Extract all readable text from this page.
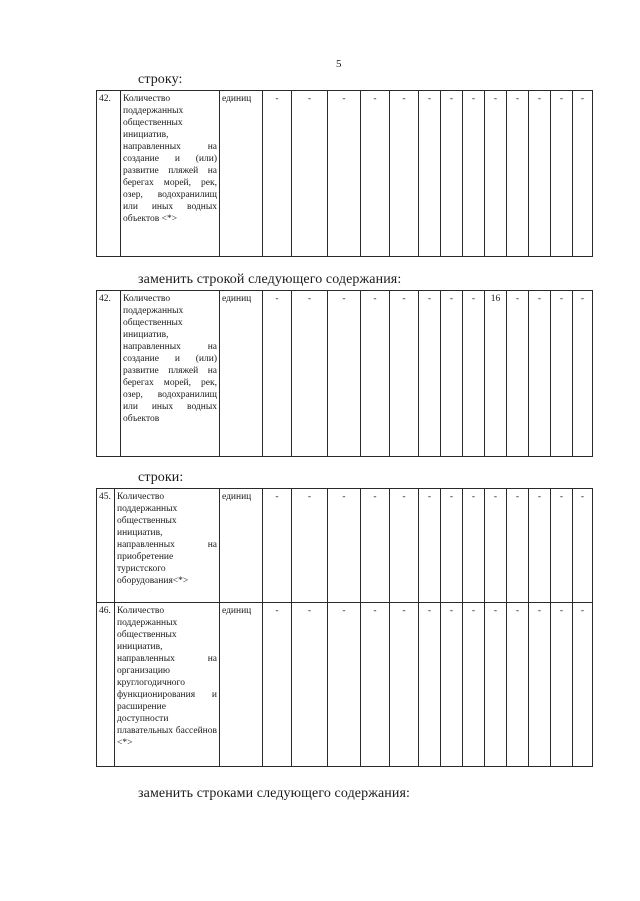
5
строку:
42.	Количество поддержанных общественных инициатив, направленных на создание и (или) развитие пляжей на берегах морей, рек, озер, водохранилищ или иных водных объектов <*>	единиц	-	-	-	-	-	-	-	-	-	-	-	-	-	
заменить строкой следующего содержания:
42.	Количество поддержанных общественных инициатив, направленных на создание и (или) развитие пляжей на берегах морей, рек, озер, водохранилищ или иных водных объектов	единиц	-	-	-	-	-	-	-	-	16	-	-	-	-	
строки:
45.	Количество поддержанных общественных инициатив, направленных на приобретение туристского оборудования<*>	единиц	-	-	-	-	-	-	-	-	-	-	-	-	-	
46.	Количество поддержанных общественных инициатив, направленных на организацию круглогодичного функционирования и расширение доступности плавательных бассейнов <*>	единиц	-	-	-	-	-	-	-	-	-	-	-	-	-	
заменить строками следующего содержания:
